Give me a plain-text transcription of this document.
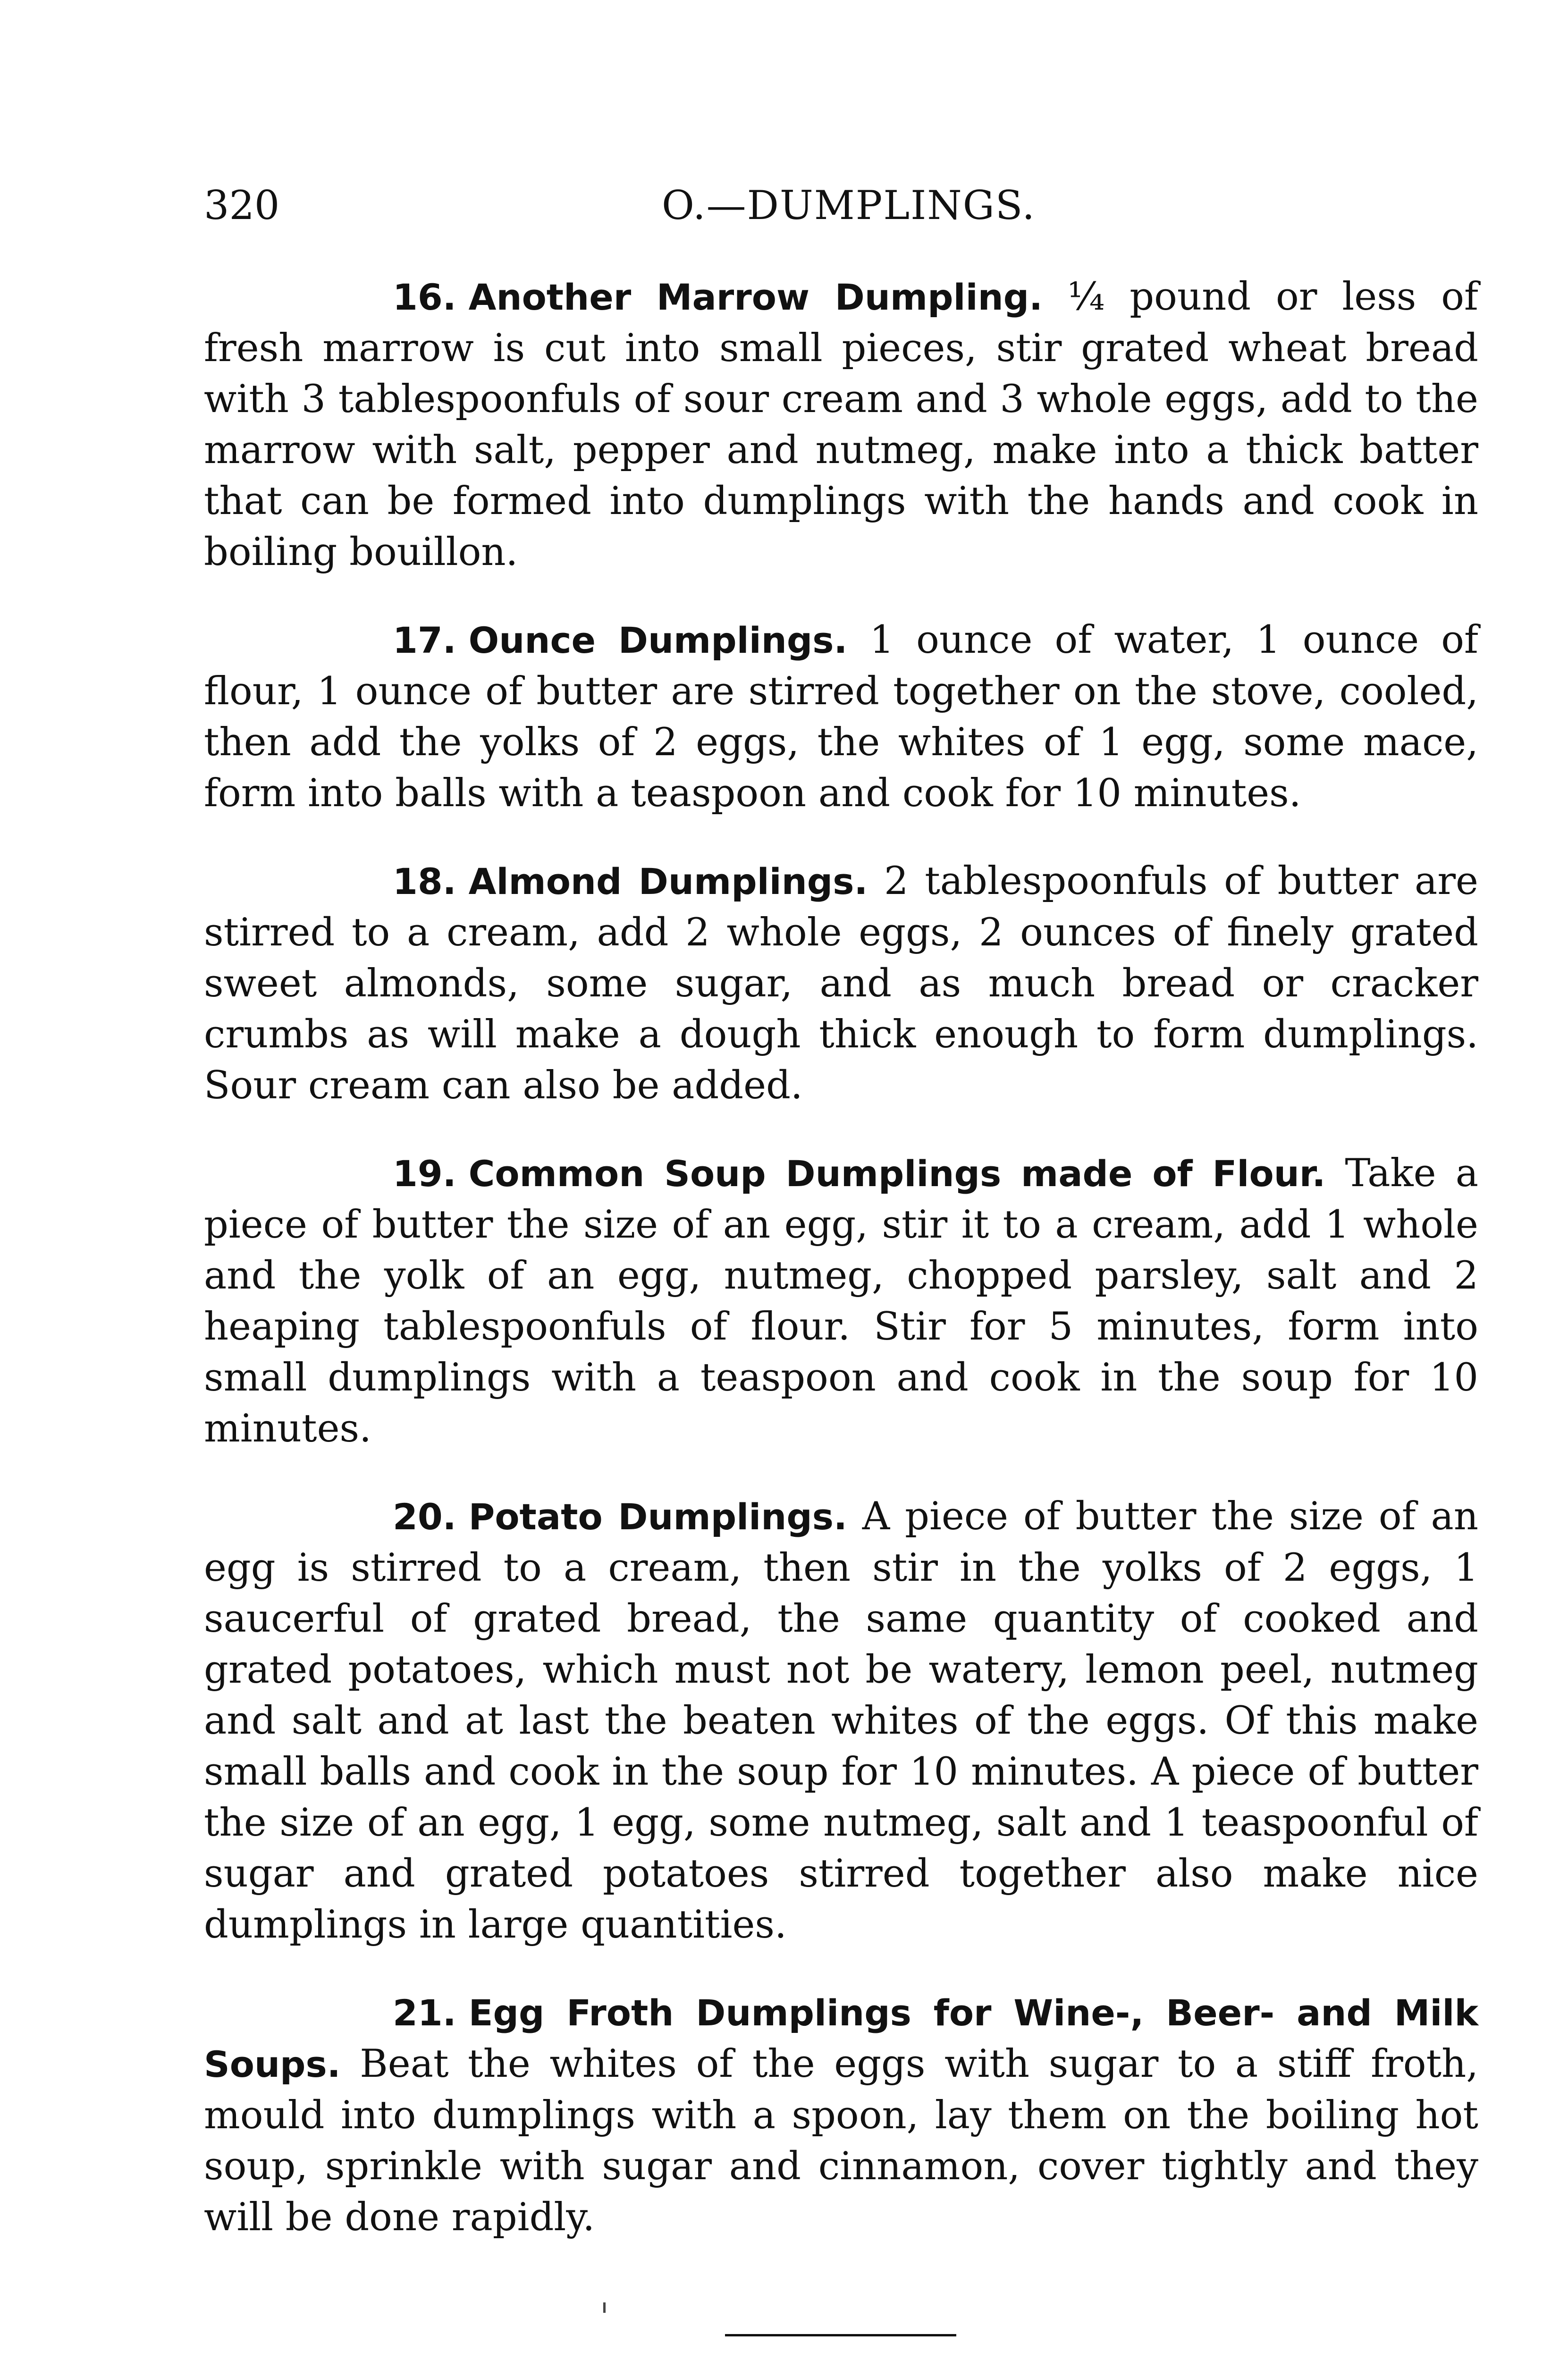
320	O.—DUMPLINGS.

16. Another Marrow Dumpling. ¼ pound or less of fresh marrow is cut into small pieces, stir grated wheat bread with 3 tablespoonfuls of sour cream and 3 whole eggs, add to the marrow with salt, pepper and nutmeg, make into a thick batter that can be formed into dumplings with the hands and cook in boiling bouillon.

17. Ounce Dumplings. 1 ounce of water, 1 ounce of flour, 1 ounce of butter are stirred together on the stove, cooled, then add the yolks of 2 eggs, the whites of 1 egg, some mace, form into balls with a teaspoon and cook for 10 minutes.

18. Almond Dumplings. 2 tablespoonfuls of butter are stirred to a cream, add 2 whole eggs, 2 ounces of finely grated sweet almonds, some sugar, and as much bread or cracker crumbs as will make a dough thick enough to form dumplings. Sour cream can also be added.

19. Common Soup Dumplings made of Flour. Take a piece of butter the size of an egg, stir it to a cream, add 1 whole and the yolk of an egg, nutmeg, chopped parsley, salt and 2 heaping tablespoonfuls of flour. Stir for 5 minutes, form into small dumplings with a teaspoon and cook in the soup for 10 minutes.

20. Potato Dumplings. A piece of butter the size of an egg is stirred to a cream, then stir in the yolks of 2 eggs, 1 saucerful of grated bread, the same quantity of cooked and grated potatoes, which must not be watery, lemon peel, nutmeg and salt and at last the beaten whites of the eggs. Of this make small balls and cook in the soup for 10 minutes. A piece of butter the size of an egg, 1 egg, some nutmeg, salt and 1 teaspoonful of sugar and grated potatoes stirred together also make nice dumplings in large quantities.

21. Egg Froth Dumplings for Wine-, Beer- and Milk Soups. Beat the whites of the eggs with sugar to a stiff froth, mould into dumplings with a spoon, lay them on the boiling hot soup, sprinkle with sugar and cinnamon, cover tightly and they will be done rapidly.
